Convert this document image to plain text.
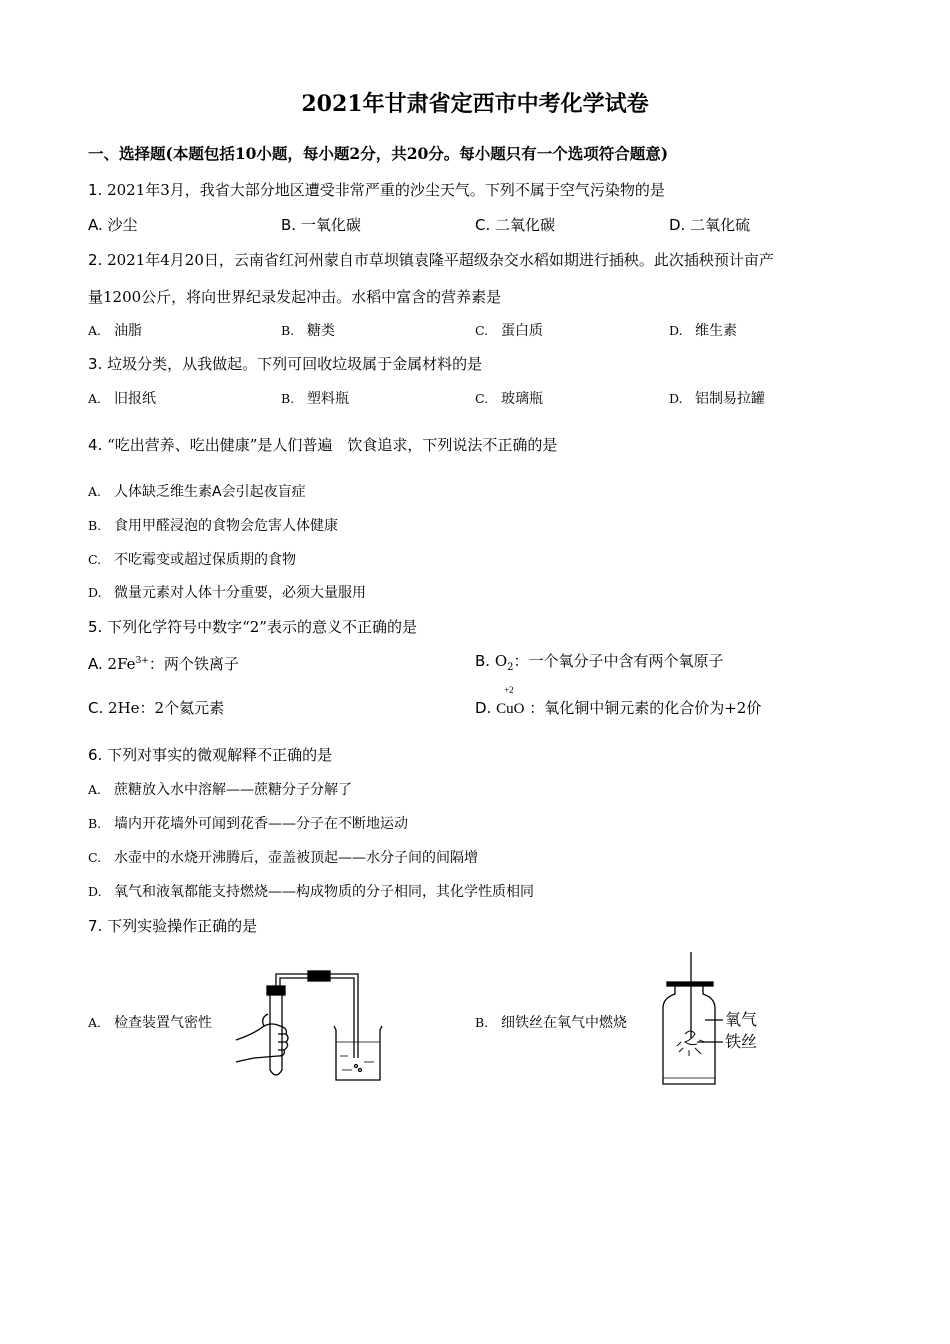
2021年甘肃省定西市中考化学试卷
一、选择题(本题包括10小题，每小题2分，共20分。每小题只有一个选项符合题意)
1. 2021年3月，我省大部分地区遭受非常严重的沙尘天气。下列不属于空气污染物的是
A. 沙尘	B. 一氧化碳	C. 二氧化碳	D. 二氧化硫
2. 2021年4月20日，云南省红河州蒙自市草坝镇袁隆平超级杂交水稻如期进行插秧。此次插秧预计亩产
量1200公斤，将向世界纪录发起冲击。水稻中富含的营养素是
A. 油脂	B. 糖类	C. 蛋白质	D. 维生素
3. 垃圾分类，从我做起。下列可回收垃圾属于金属材料的是
A. 旧报纸	B. 塑料瓶	C. 玻璃瓶	D. 铝制易拉罐
4. “吃出营养、吃出健康”是人们普遍　饮食追求，下列说法不正确的是
A. 人体缺乏维生素A会引起夜盲症
B. 食用甲醛浸泡的食物会危害人体健康
C. 不吃霉变或超过保质期的食物
D. 微量元素对人体十分重要，必须大量服用
5. 下列化学符号中数字“2”表示的意义不正确的是
A. $2Fe^{3+}$：两个铁离子	B. $O_2$：一个氧分子中含有两个氧原子
C. 2He：2个氦元素	D.
+2
CuO ：氧化铜中铜元素的化合价为+2价
6. 下列对事实的微观解释不正确的是
A. 蔗糖放入水中溶解——蔗糖分子分解了
B. 墙内开花墙外可闻到花香——分子在不断地运动
C. 水壶中的水烧开沸腾后，壶盖被顶起——水分子间的间隔增
D. 氧气和液氧都能支持燃烧——构成物质的分子相同，其化学性质相同
7. 下列实验操作正确的是
A. 检查装置气密性	B. 细铁丝在氧气中燃烧	氧气
铁丝
